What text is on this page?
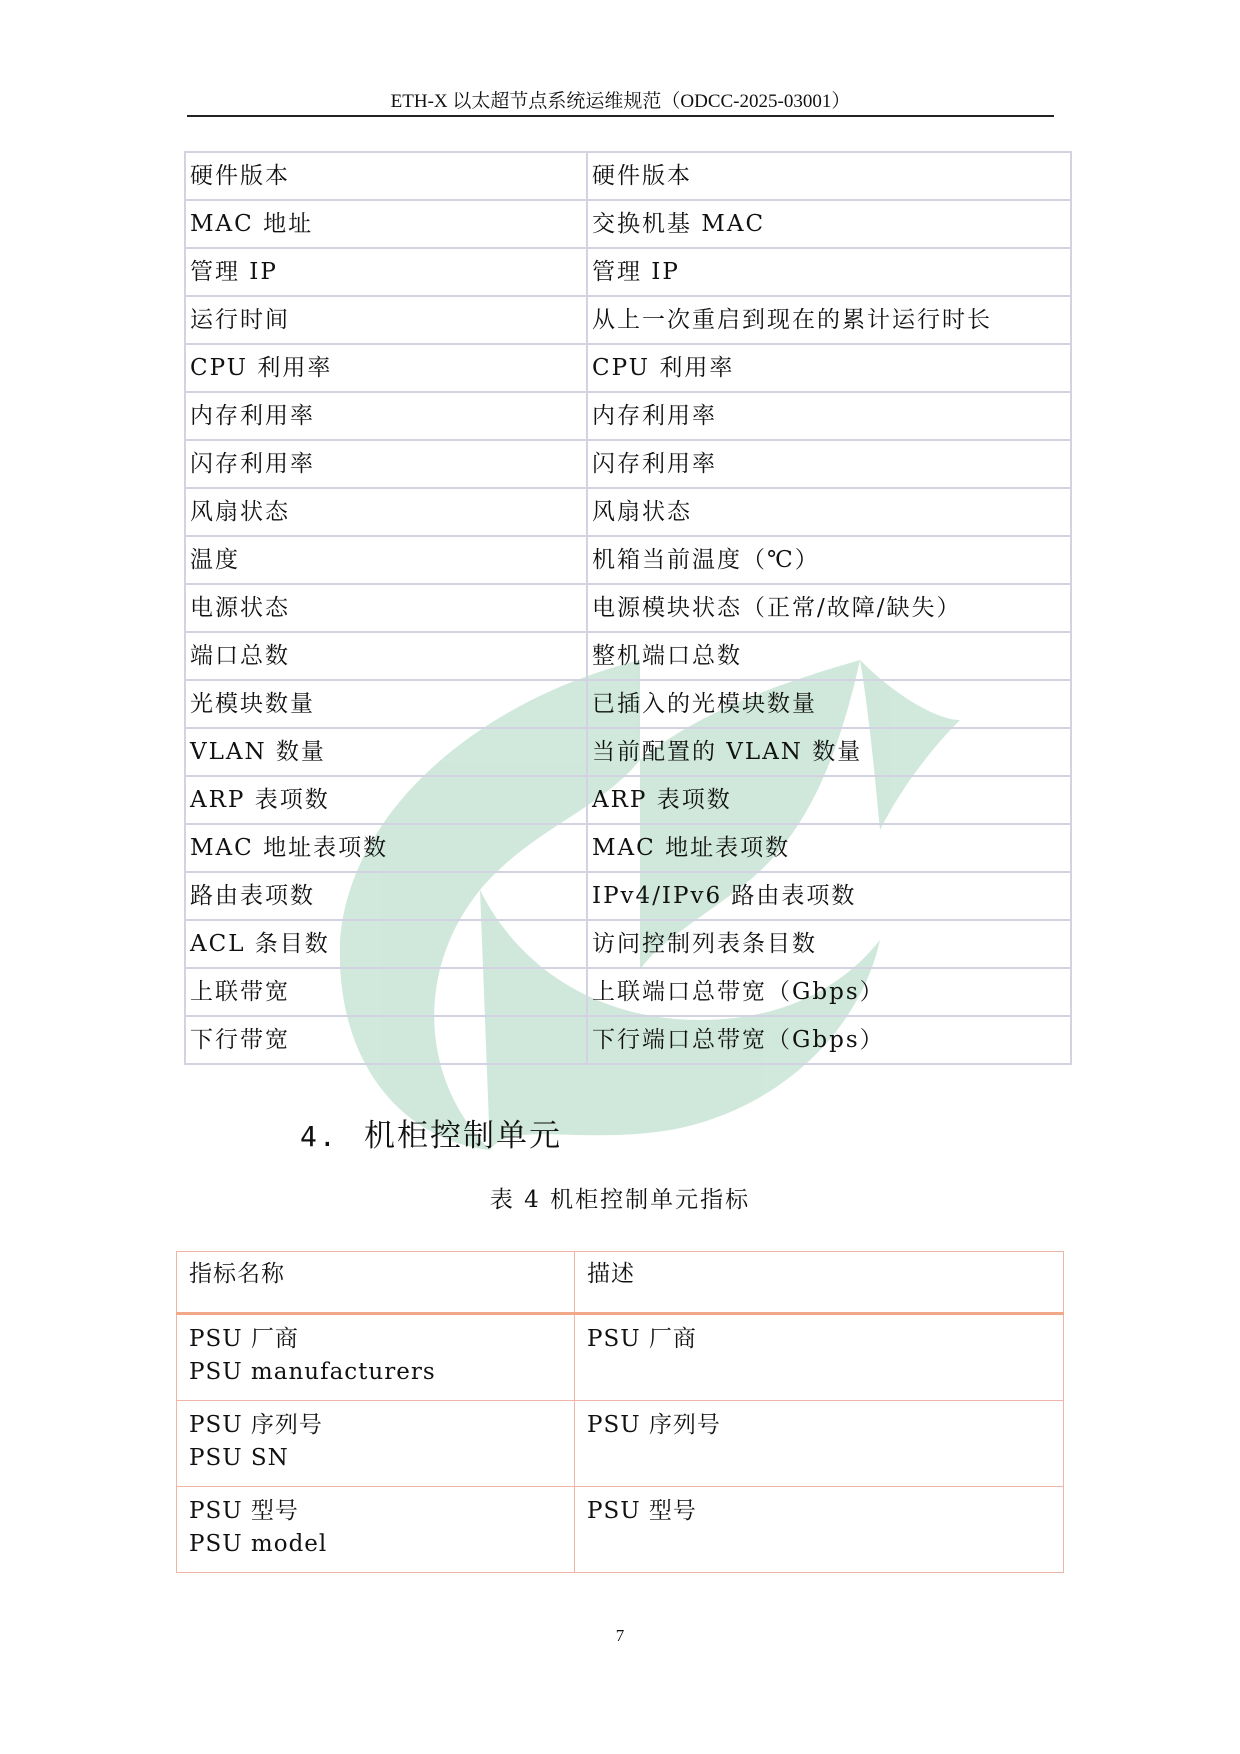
ETH-X 以太超节点系统运维规范（ODCC-2025-03001）
硬件版本	硬件版本
MAC 地址	交换机基 MAC
管理 IP	管理 IP
运行时间	从上一次重启到现在的累计运行时长
CPU 利用率	CPU 利用率
内存利用率	内存利用率
闪存利用率	闪存利用率
风扇状态	风扇状态
温度	机箱当前温度（℃）
电源状态	电源模块状态（正常/故障/缺失）
端口总数	整机端口总数
光模块数量	已插入的光模块数量
VLAN 数量	当前配置的 VLAN 数量
ARP 表项数	ARP 表项数
MAC 地址表项数	MAC 地址表项数
路由表项数	IPv4/IPv6 路由表项数
ACL 条目数	访问控制列表条目数
上联带宽	上联端口总带宽（Gbps）
下行带宽	下行端口总带宽（Gbps）
4. 机柜控制单元
表 4 机柜控制单元指标
指标名称	描述

PSU 厂商
PSU manufacturers	PSU 厂商

PSU 序列号
PSU SN	PSU 序列号

PSU 型号
PSU model	PSU 型号
7
